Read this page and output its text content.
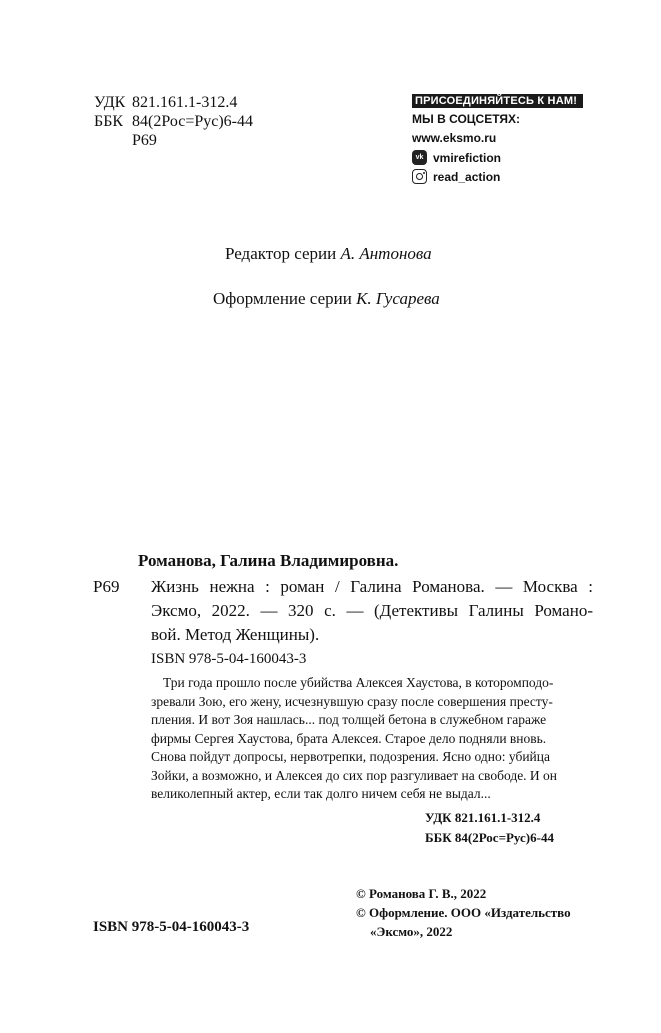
УДК 821.161.1-312.4
ББК 84(2Рос=Рус)6-44
Р69
ПРИСОЕДИНЯЙТЕСЬ К НАМ!
МЫ В СОЦСЕТЯХ:
www.eksmo.ru
vk vmirefiction
read_action
Редактор серии А. Антонова
Оформление серии К. Гусарева
Романова, Галина Владимировна.
Р69 Жизнь нежна : роман / Галина Романова. — Москва :
Эксмо, 2022. — 320 с. — (Детективы Галины Романо-
вой. Метод Женщины).
ISBN 978-5-04-160043-3
Три года прошло после убийства Алексея Хаустова, в которомподо-
зревали Зою, его жену, исчезнувшую сразу после совершения престу-
пления. И вот Зоя нашлась... под толщей бетона в служебном гараже
фирмы Сергея Хаустова, брата Алексея. Старое дело подняли вновь.
Снова пойдут допросы, нервотрепки, подозрения. Ясно одно: убийца
Зойки, а возможно, и Алексея до сих пор разгуливает на свободе. И он
великолепный актер, если так долго ничем себя не выдал...
УДК 821.161.1-312.4
ББК 84(2Рос=Рус)6-44
© Романова Г. В., 2022
© Оформление. ООО «Издательство
«Эксмо», 2022
ISBN 978-5-04-160043-3
